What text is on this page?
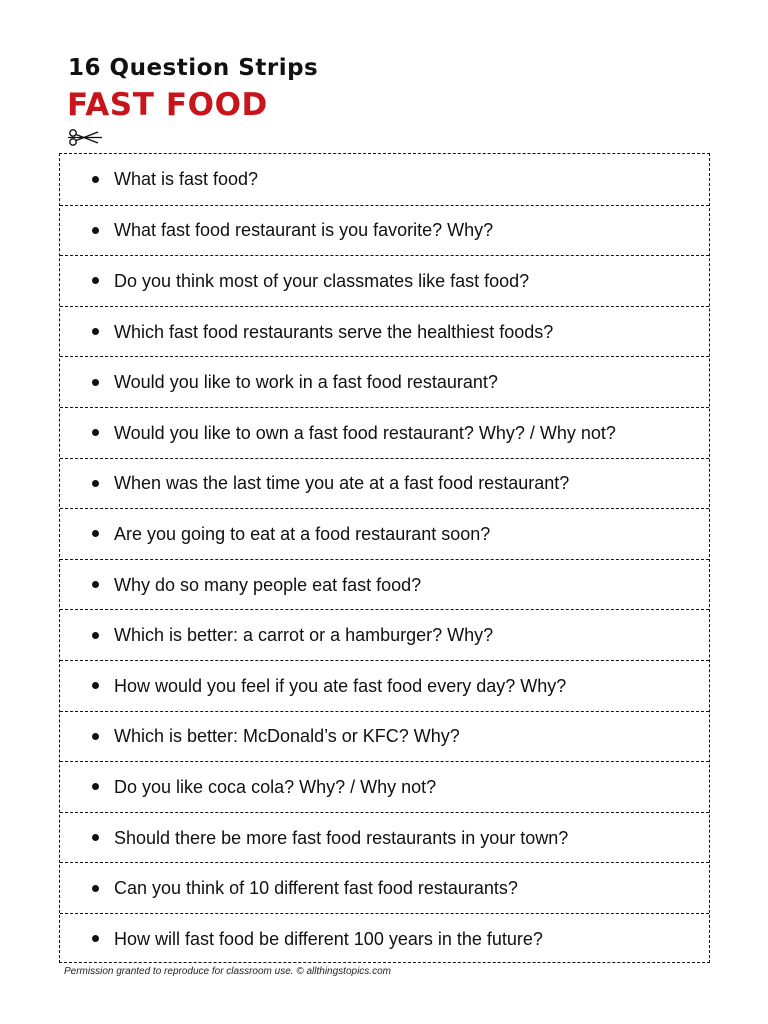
16 Question Strips
FAST FOOD
What is fast food?
What fast food restaurant is you favorite? Why?
Do you think most of your classmates like fast food?
Which fast food restaurants serve the healthiest foods?
Would you like to work in a fast food restaurant?
Would you like to own a fast food restaurant? Why? / Why not?
When was the last time you ate at a fast food restaurant?
Are you going to eat at a food restaurant soon?
Why do so many people eat fast food?
Which is better: a carrot or a hamburger? Why?
How would you feel if you ate fast food every day? Why?
Which is better: McDonald’s or KFC? Why?
Do you like coca cola? Why? / Why not?
Should there be more fast food restaurants in your town?
Can you think of 10 different fast food restaurants?
How will fast food be different 100 years in the future?

Permission granted to reproduce for classroom use. © allthingstopics.com
